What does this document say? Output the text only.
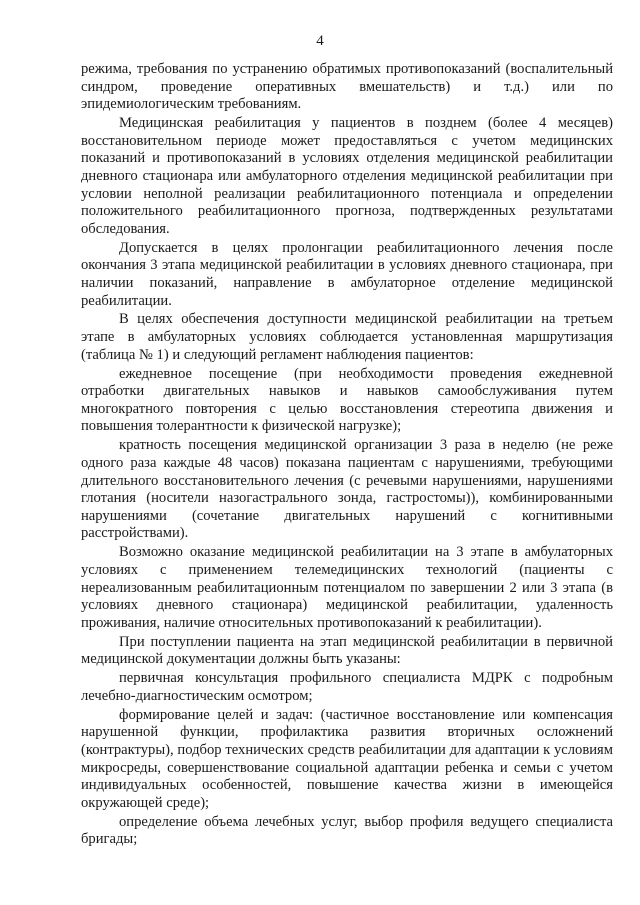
4

режима, требования по устранению обратимых противопоказаний (воспалительный синдром, проведение оперативных вмешательств) и т.д.) или по эпидемиологическим требованиям.

Медицинская реабилитация у пациентов в позднем (более 4 месяцев) восстановительном периоде может предоставляться с учетом медицинских показаний и противопоказаний в условиях отделения медицинской реабилитации дневного стационара или амбулаторного отделения медицинской реабилитации при условии неполной реализации реабилитационного потенциала и определении положительного реабилитационного прогноза, подтвержденных результатами обследования.

Допускается в целях пролонгации реабилитационного лечения после окончания 3 этапа медицинской реабилитации в условиях дневного стационара, при наличии показаний, направление в амбулаторное отделение медицинской реабилитации.

В целях обеспечения доступности медицинской реабилитации на третьем этапе в амбулаторных условиях соблюдается установленная маршрутизация (таблица № 1) и следующий регламент наблюдения пациентов:

ежедневное посещение (при необходимости проведения ежедневной отработки двигательных навыков и навыков самообслуживания путем многократного повторения с целью восстановления стереотипа движения и повышения толерантности к физической нагрузке);

кратность посещения медицинской организации 3 раза в неделю (не реже одного раза каждые 48 часов) показана пациентам с нарушениями, требующими длительного восстановительного лечения (с речевыми нарушениями, нарушениями глотания (носители назогастрального зонда, гастростомы)), комбинированными нарушениями (сочетание двигательных нарушений с когнитивными расстройствами).

Возможно оказание медицинской реабилитации на 3 этапе в амбулаторных условиях с применением телемедицинских технологий (пациенты с нереализованным реабилитационным потенциалом по завершении 2 или 3 этапа (в условиях дневного стационара) медицинской реабилитации, удаленность проживания, наличие относительных противопоказаний к реабилитации).

При поступлении пациента на этап медицинской реабилитации в первичной медицинской документации должны быть указаны:

первичная консультация профильного специалиста МДРК с подробным лечебно-диагностическим осмотром;

формирование целей и задач: (частичное восстановление или компенсация нарушенной функции, профилактика развития вторичных осложнений (контрактуры), подбор технических средств реабилитации для адаптации к условиям микросреды, совершенствование социальной адаптации ребенка и семьи с учетом индивидуальных особенностей, повышение качества жизни в имеющейся окружающей среде);

определение объема лечебных услуг, выбор профиля ведущего специалиста бригады;
